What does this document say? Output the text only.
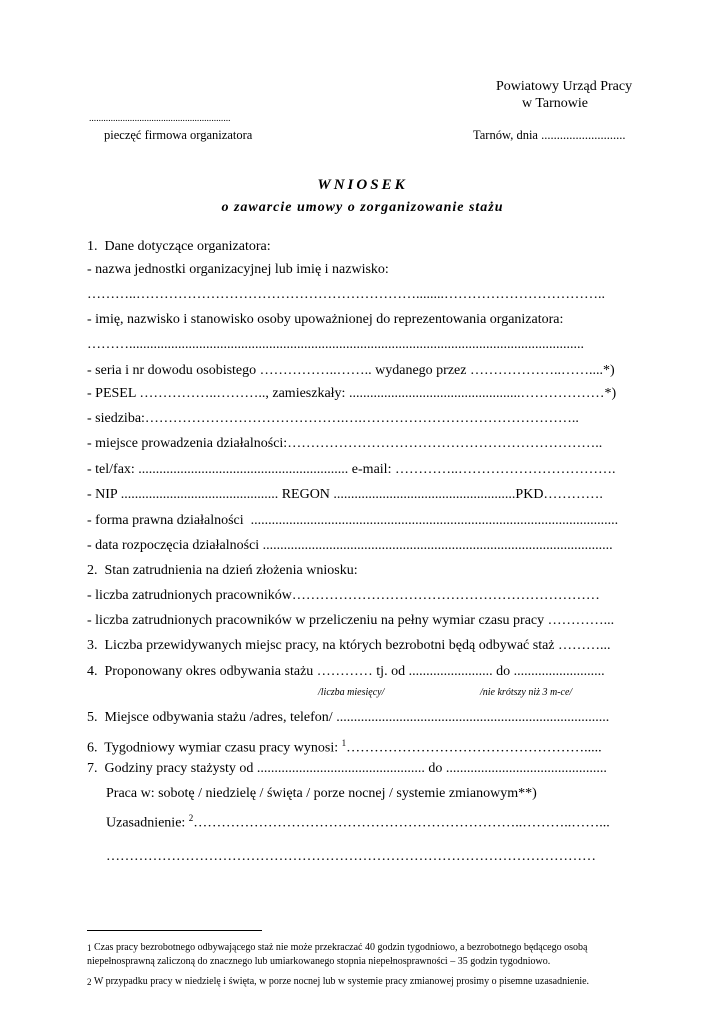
Powiatowy Urząd Pracy
w Tarnowie
...........................................................
pieczęć firmowa organizatora	Tarnów, dnia ...........................
WNIOSEK
o zawarcie umowy o zorganizowanie stażu
1.  Dane dotyczące organizatora:
- nazwa jednostki organizacyjnej lub imię i nazwisko:
………..……………………………………………………........……………………………..
- imię, nazwisko i stanowisko osoby upoważnionej do reprezentowania organizatora:
………..................................................................................................................................
- seria i nr dowodu osobistego ……………..…….. wydanego przez ………………..……....*)
- PESEL ……………..……….., zamieszkały: .................................................………………*)
- siedziba:…………………………………….….………………………………………..
- miejsce prowadzenia działalności:…………………………………………………………..
- tel/fax: ............................................................ e-mail: …………..…………………………….
- NIP ............................................. REGON ....................................................PKD………….
- forma prawna działalności  .........................................................................................................
- data rozpoczęcia działalności ....................................................................................................
2.  Stan zatrudnienia na dzień złożenia wniosku:
- liczba zatrudnionych pracowników…………………………………………………………
- liczba zatrudnionych pracowników w przeliczeniu na pełny wymiar czasu pracy …………...
3.  Liczba przewidywanych miejsc pracy, na których bezrobotni będą odbywać staż ………...
4.  Proponowany okres odbywania stażu ………… tj. od ........................ do ..........................
/liczba miesięcy/	/nie krótszy niż 3 m-ce/
5.  Miejsce odbywania stażu /adres, telefon/ ..............................................................................
6.  Tygodniowy wymiar czasu pracy wynosi: $^1$…………………………………………….....
7.  Godziny pracy stażysty od ................................................ do ..............................................
Praca w: sobotę / niedzielę / święta / porze nocnej / systemie zmianowym**)
Uzasadnienie: $^2$……………………………………………………………..………..……...
……………………………………………………………………………………………
1 Czas pracy bezrobotnego odbywającego staż nie może przekraczać 40 godzin tygodniowo, a bezrobotnego będącego osobą
niepełnosprawną zaliczoną do znacznego lub umiarkowanego stopnia niepełnosprawności – 35 godzin tygodniowo.
2 W przypadku pracy w niedzielę i święta, w porze nocnej lub w systemie pracy zmianowej prosimy o pisemne uzasadnienie.
